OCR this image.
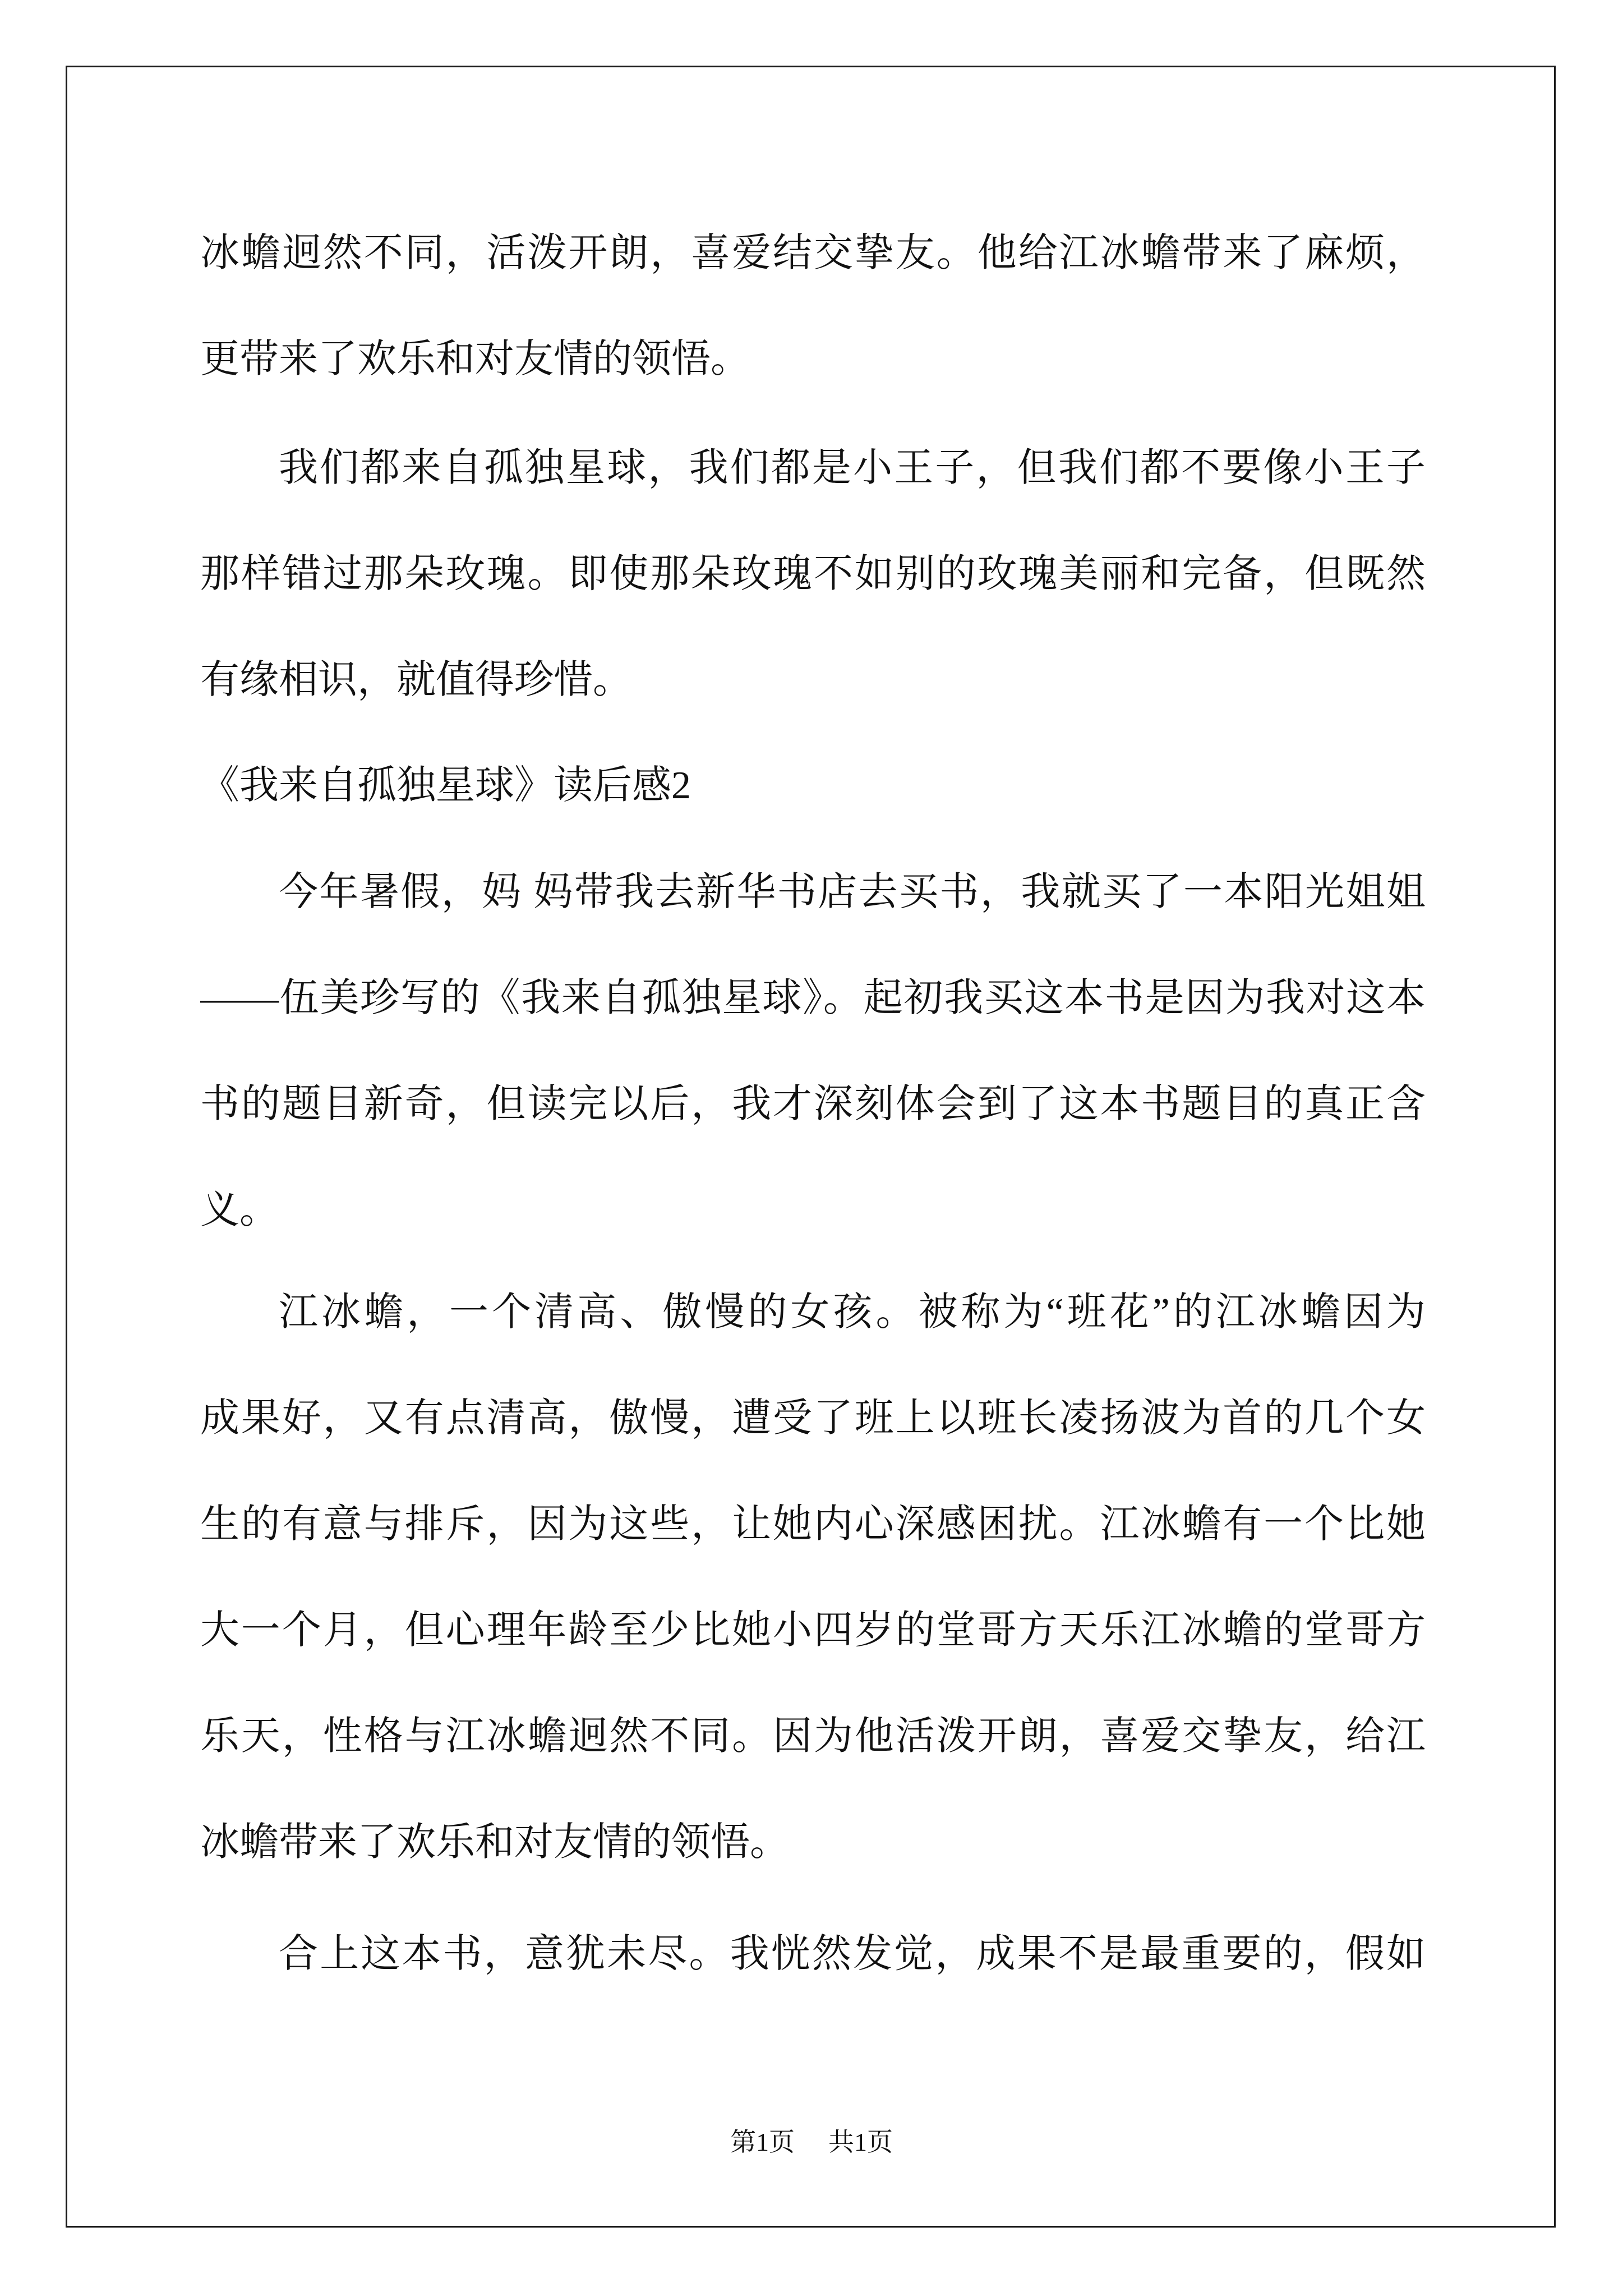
冰蟾迥然不同，活泼开朗，喜爱结交挚友。他给江冰蟾带来了麻烦，
更带来了欢乐和对友情的领悟。
我们都来自孤独星球，我们都是小王子，但我们都不要像小王子
那样错过那朵玫瑰。即使那朵玫瑰不如别的玫瑰美丽和完备，但既然
有缘相识，就值得珍惜。
《我来自孤独星球》读后感2
今年暑假，妈 妈带我去新华书店去买书，我就买了一本阳光姐姐
——伍美珍写的《我来自孤独星球》。起初我买这本书是因为我对这本
书的题目新奇，但读完以后，我才深刻体会到了这本书题目的真正含
义。
江冰蟾，一个清高、傲慢的女孩。被称为“班花”的江冰蟾因为
成果好，又有点清高，傲慢，遭受了班上以班长凌扬波为首的几个女
生的有意与排斥，因为这些，让她内心深感困扰。江冰蟾有一个比她
大一个月，但心理年龄至少比她小四岁的堂哥方天乐江冰蟾的堂哥方
乐天，性格与江冰蟾迥然不同。因为他活泼开朗，喜爱交挚友，给江
冰蟾带来了欢乐和对友情的领悟。
合上这本书，意犹未尽。我恍然发觉，成果不是最重要的，假如
第1页 共1页
